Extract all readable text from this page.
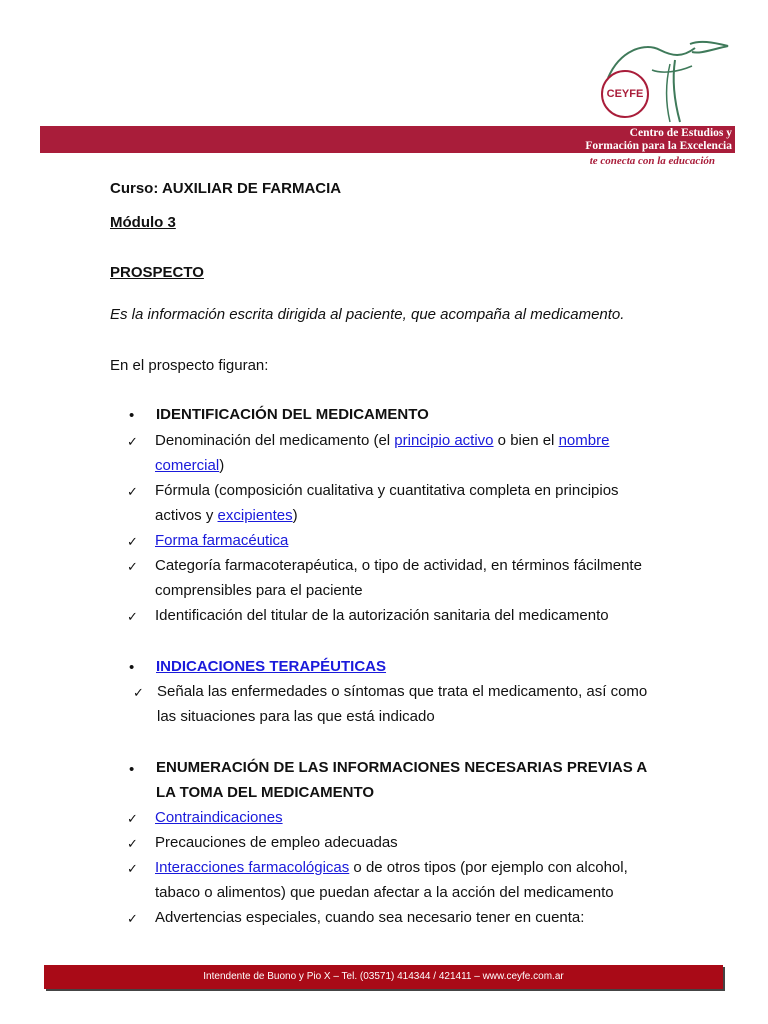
CEYFE

Centro de Estudios y
Formación para la Excelencia

te conecta con la educación

Curso: AUXILIAR DE FARMACIA

Módulo 3

PROSPECTO

Es la información escrita dirigida al paciente, que acompaña al medicamento.

En el prospecto figuran:

• IDENTIFICACIÓN DEL MEDICAMENTO

✓ Denominación del medicamento (el principio activo o bien el nombre comercial)

✓ Fórmula (composición cualitativa y cuantitativa completa en principios activos y excipientes)

✓ Forma farmacéutica

✓ Categoría farmacoterapéutica, o tipo de actividad, en términos fácilmente comprensibles para el paciente

✓ Identificación del titular de la autorización sanitaria del medicamento

• INDICACIONES TERAPÉUTICAS

✓ Señala las enfermedades o síntomas que trata el medicamento, así como las situaciones para las que está indicado

• ENUMERACIÓN DE LAS INFORMACIONES NECESARIAS PREVIAS A LA TOMA DEL MEDICAMENTO

✓ Contraindicaciones

✓ Precauciones de empleo adecuadas

✓ Interacciones farmacológicas o de otros tipos (por ejemplo con alcohol, tabaco o alimentos) que puedan afectar a la acción del medicamento

✓ Advertencias especiales, cuando sea necesario tener en cuenta:

Intendente de Buono y Pio X – Tel. (03571) 414344 / 421411 – www.ceyfe.com.ar
